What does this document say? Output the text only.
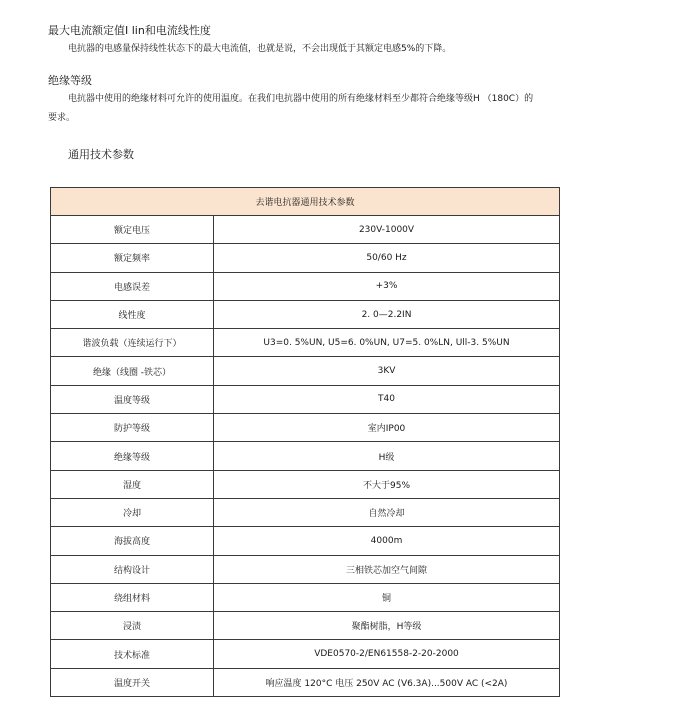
最大电流额定值I lin和电流线性度
电抗器的电感量保持线性状态下的最大电流值，也就是说，不会出现低于其额定电感5%的下降。
绝缘等级
电抗器中使用的绝缘材料可允许的使用温度。在我们电抗器中使用的所有绝缘材料至少都符合绝缘等级H （180C）的
要求。
通用技术参数
去谐电抗器通用技术参数	
额定电压	230V-1000V
额定频率	50/60 Hz
电感误差	+3%
线性度	2. 0—2.2IN
谐波负载（连续运行下）	U3=0. 5%UN, U5=6. 0%UN, U7=5. 0%LN, Ull-3. 5%UN
绝缘（线圈 -铁芯）	3KV
温度等级	T40
防护等级	室内IP00
绝缘等级	H级
湿度	不大于95%
冷却	自然冷却
海拔高度	4000m
结构设计	三相铁芯加空气间隙
绕组材料	铜
浸渍	聚酯树脂，H等级
技术标准	VDE0570-2/EN61558-2-20-2000
温度开关	响应温度 120°C 电压 250V AC (V6.3A)...500V AC (<2A)
